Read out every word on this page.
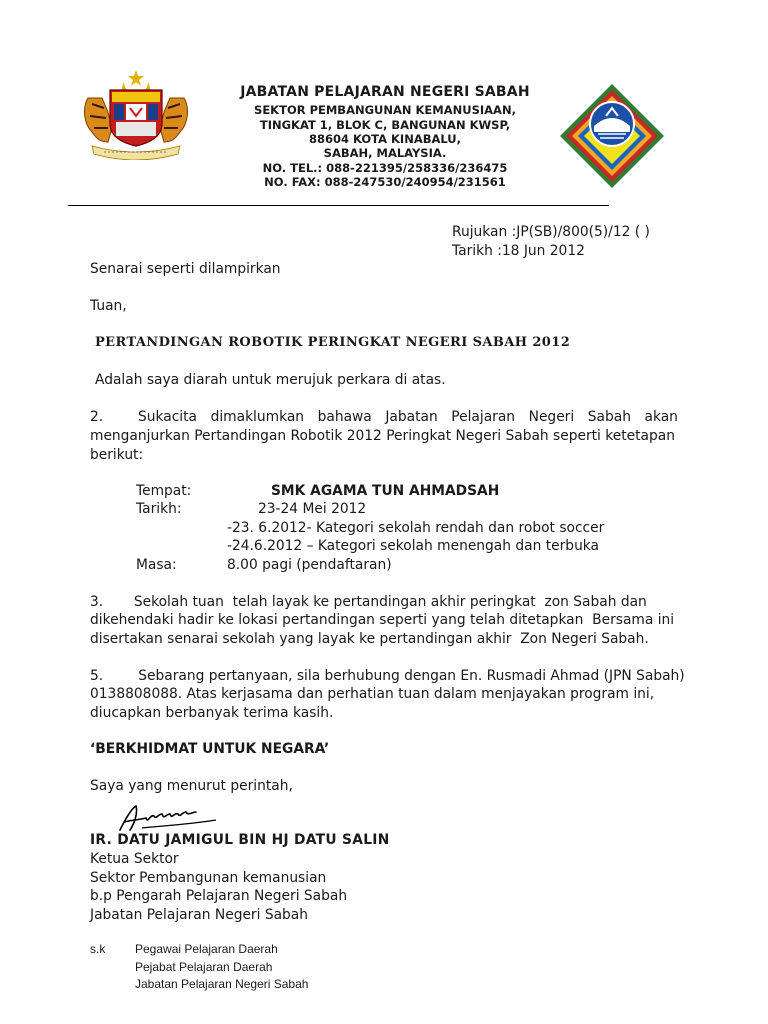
JABATAN PELAJARAN NEGERI SABAH
SEKTOR PEMBANGUNAN KEMANUSIAAN,
TINGKAT 1, BLOK C, BANGUNAN KWSP,
88604 KOTA KINABALU,
SABAH, MALAYSIA.
NO. TEL.: 088-221395/258336/236475
NO. FAX: 088-247530/240954/231561
Rujukan :JP(SB)/800(5)/12 ( )
Tarikh :18 Jun 2012
Senarai seperti dilampirkan
Tuan,
PERTANDINGAN ROBOTIK PERINGKAT NEGERI SABAH 2012
Adalah saya diarah untuk merujuk perkara di atas.
2.	Sukacita dimaklumkan bahawa Jabatan Pelajaran Negeri Sabah akan
menganjurkan Pertandingan Robotik 2012 Peringkat Negeri Sabah seperti ketetapan berikut:
Tempat:	SMK AGAMA TUN AHMADSAH
Tarikh:	23-24 Mei 2012
-23. 6.2012- Kategori sekolah rendah dan robot soccer
-24.6.2012 – Kategori sekolah menengah dan terbuka
Masa:	8.00 pagi (pendaftaran)
3.       Sekolah tuan  telah layak ke pertandingan akhir peringkat  zon Sabah dan
dikehendaki hadir ke lokasi pertandingan seperti yang telah ditetapkan  Bersama ini
disertakan senarai sekolah yang layak ke pertandingan akhir  Zon Negeri Sabah.
5.        Sebarang pertanyaan, sila berhubung dengan En. Rusmadi Ahmad (JPN Sabah)
0138808088. Atas kerjasama dan perhatian tuan dalam menjayakan program ini,
diucapkan berbanyak terima kasih.
‘BERKHIDMAT UNTUK NEGARA’
Saya yang menurut perintah,
IR. DATU JAMIGUL BIN HJ DATU SALIN
Ketua Sektor
Sektor Pembangunan kemanusian
b.p Pengarah Pelajaran Negeri Sabah
Jabatan Pelajaran Negeri Sabah
s.k Pegawai Pelajaran Daerah
Pejabat Pelajaran Daerah
Jabatan Pelajaran Negeri Sabah
